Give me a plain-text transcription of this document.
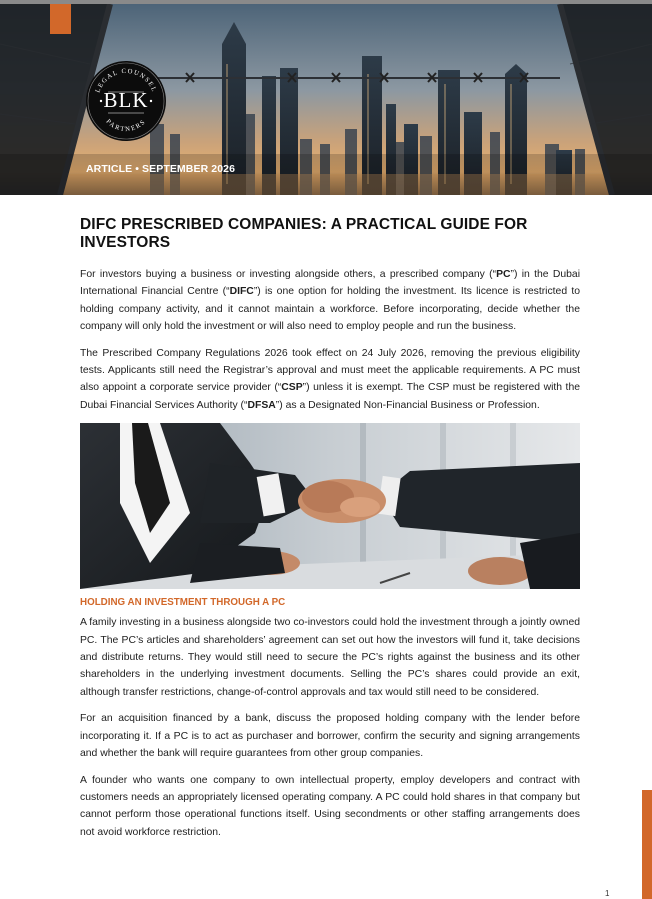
LEGAL COUNSEL
PARTNERS
BLK
ARTICLE • SEPTEMBER 2026
DIFC PRESCRIBED COMPANIES: A PRACTICAL GUIDE FOR INVESTORS

For investors buying a business or investing alongside others, a prescribed company (“PC”) in the Dubai International Financial Centre (“DIFC”) is one option for holding the investment. Its licence is restricted to holding company activity, and it cannot maintain a workforce. Before incorporating, decide whether the company will only hold the investment or will also need to employ people and run the business.

The Prescribed Company Regulations 2026 took effect on 24 July 2026, removing the previous eligibility tests. Applicants still need the Registrar’s approval and must meet the applicable requirements. A PC must also appoint a corporate service provider (“CSP”) unless it is exempt. The CSP must be registered with the Dubai Financial Services Authority (“DFSA”) as a Designated Non-Financial Business or Profession.

HOLDING AN INVESTMENT THROUGH A PC

A family investing in a business alongside two co-investors could hold the investment through a jointly owned PC. The PC’s articles and shareholders’ agreement can set out how the investors will fund it, take decisions and distribute returns. They would still need to secure the PC’s rights against the business and its other shareholders in the underlying investment documents. Selling the PC’s shares could provide an exit, although transfer restrictions, change-of-control approvals and tax would still need to be considered.

For an acquisition financed by a bank, discuss the proposed holding company with the lender before incorporating it. If a PC is to act as purchaser and borrower, confirm the security and signing arrangements and whether the bank will require guarantees from other group companies.

A founder who wants one company to own intellectual property, employ developers and contract with customers needs an appropriately licensed operating company. A PC could hold shares in that company but cannot perform those operational functions itself. Using secondments or other staffing arrangements does not avoid workforce restriction.

1
